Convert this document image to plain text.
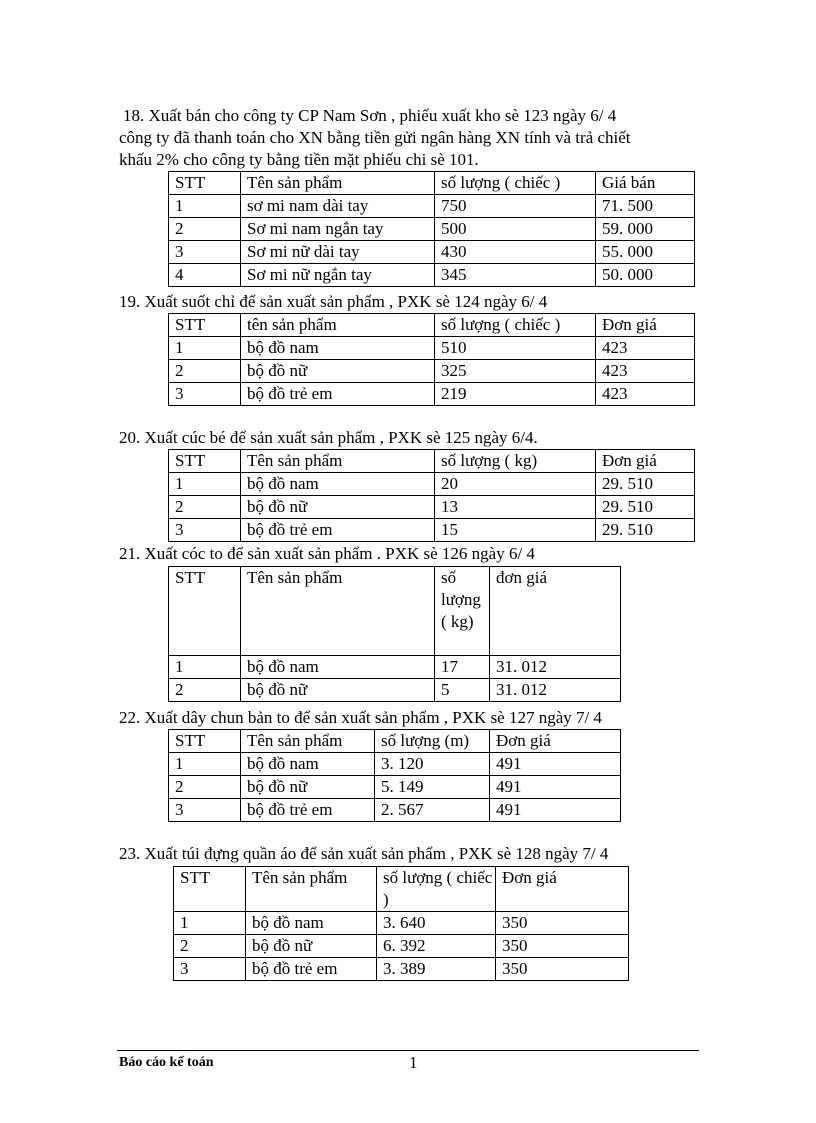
18. Xuất bán cho công ty CP Nam Sơn , phiếu xuất kho sè 123 ngày 6/ 4

công ty đã thanh toán cho XN bằng tiền gửi ngân hàng XN tính và trả chiết

khấu 2% cho công ty bằng tiền mặt phiếu chi sè 101.

STT	Tên sản phẩm	số lượng ( chiếc )	Giá bán
1	sơ mi nam dài tay	750	71. 500
2	Sơ mi nam ngắn tay	500	59. 000
3	Sơ mi nữ dài tay	430	55. 000
4	Sơ mi nữ ngắn tay	345	50. 000

19. Xuất suốt chỉ để sản xuất sản phẩm , PXK sè 124 ngày 6/ 4

STT	tên sản phẩm	số lượng ( chiếc )	Đơn giá
1	bộ đồ nam	510	423
2	bộ đồ nữ	325	423
3	bộ đồ trẻ em	219	423

20. Xuất cúc bé để sản xuất sản phẩm , PXK sè 125 ngày 6/4.

STT	Tên sản phẩm	số lượng ( kg)	Đơn giá
1	bộ đồ nam	20	29. 510
2	bộ đồ nữ	13	29. 510
3	bộ đồ trẻ em	15	29. 510

21. Xuất cóc to để sản xuất sản phẩm . PXK sè 126 ngày 6/ 4

STT	Tên sản phẩm	số lượng ( kg)	đơn giá
1	bộ đồ nam	17	31. 012
2	bộ đồ nữ	5	31. 012

22. Xuất dây chun bản to để sản xuất sản phẩm , PXK sè 127 ngày 7/ 4

STT	Tên sản phẩm	số lượng (m)	Đơn giá
1	bộ đồ nam	3. 120	491
2	bộ đồ nữ	5. 149	491
3	bộ đồ trẻ em	2. 567	491

23. Xuất túi đựng quần áo để sản xuất sản phẩm , PXK sè 128 ngày 7/ 4

STT	Tên sản phẩm	số lượng ( chiếc )	Đơn giá
1	bộ đồ nam	3. 640	350
2	bộ đồ nữ	6. 392	350
3	bộ đồ trẻ em	3. 389	350
Báo cáo kế toán	1
